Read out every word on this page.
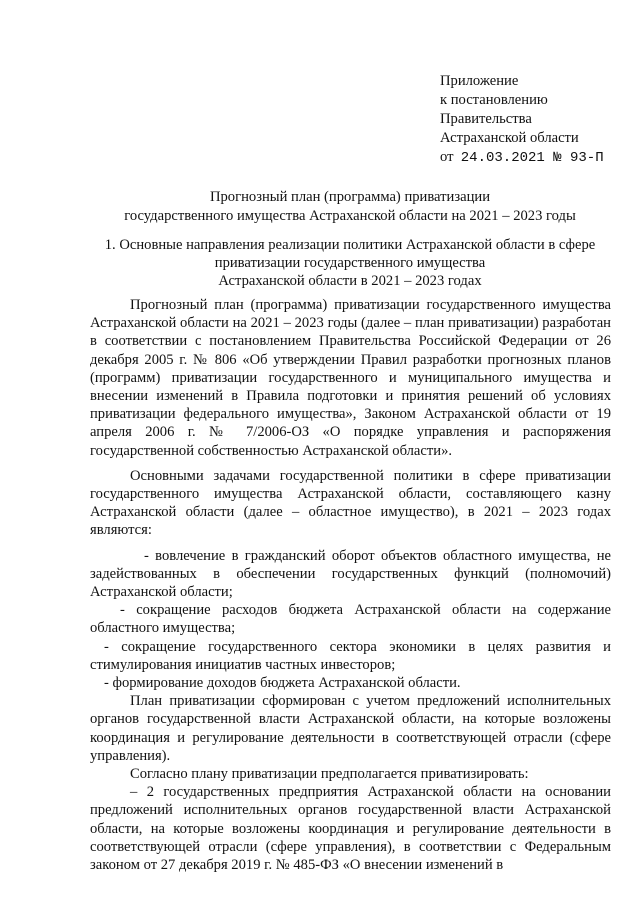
Приложение
к постановлению
Правительства
Астраханской области
от 24.03.2021 № 93-П
Прогнозный план (программа) приватизации
государственного имущества Астраханской области на 2021 – 2023 годы
1. Основные направления реализации политики Астраханской области в сфере
приватизации государственного имущества
Астраханской области в 2021 – 2023 годах

Прогнозный план (программа) приватизации государственного имущества Астраханской области на 2021 – 2023 годы (далее – план приватизации) разработан в соответствии с постановлением Правительства Российской Федерации от 26 декабря 2005 г. № 806 «Об утверждении Правил разработки прогнозных планов (программ) приватизации государственного и муниципального имущества и внесении изменений в Правила подготовки и принятия решений об условиях приватизации федерального имущества», Законом Астраханской области от 19 апреля 2006 г. № 7/2006-ОЗ «О порядке управления и распоряжения государственной собственностью Астраханской области».

Основными задачами государственной политики в сфере приватизации государственного имущества Астраханской области, составляющего казну Астраханской области (далее – областное имущество), в 2021 – 2023 годах являются:

- вовлечение в гражданский оборот объектов областного имущества, не задействованных в обеспечении государственных функций (полномочий) Астраханской области;

- сокращение расходов бюджета Астраханской области на содержание областного имущества;

- сокращение государственного сектора экономики в целях развития и стимулирования инициатив частных инвесторов;

- формирование доходов бюджета Астраханской области.

План приватизации сформирован с учетом предложений исполнительных органов государственной власти Астраханской области, на которые возложены координация и регулирование деятельности в соответствующей отрасли (сфере управления).

Согласно плану приватизации предполагается приватизировать:

– 2 государственных предприятия Астраханской области на основании предложений исполнительных органов государственной власти Астраханской области, на которые возложены координация и регулирование деятельности в соответствующей отрасли (сфере управления), в соответствии с Федеральным законом от 27 декабря 2019 г. № 485-ФЗ «О внесении изменений в
